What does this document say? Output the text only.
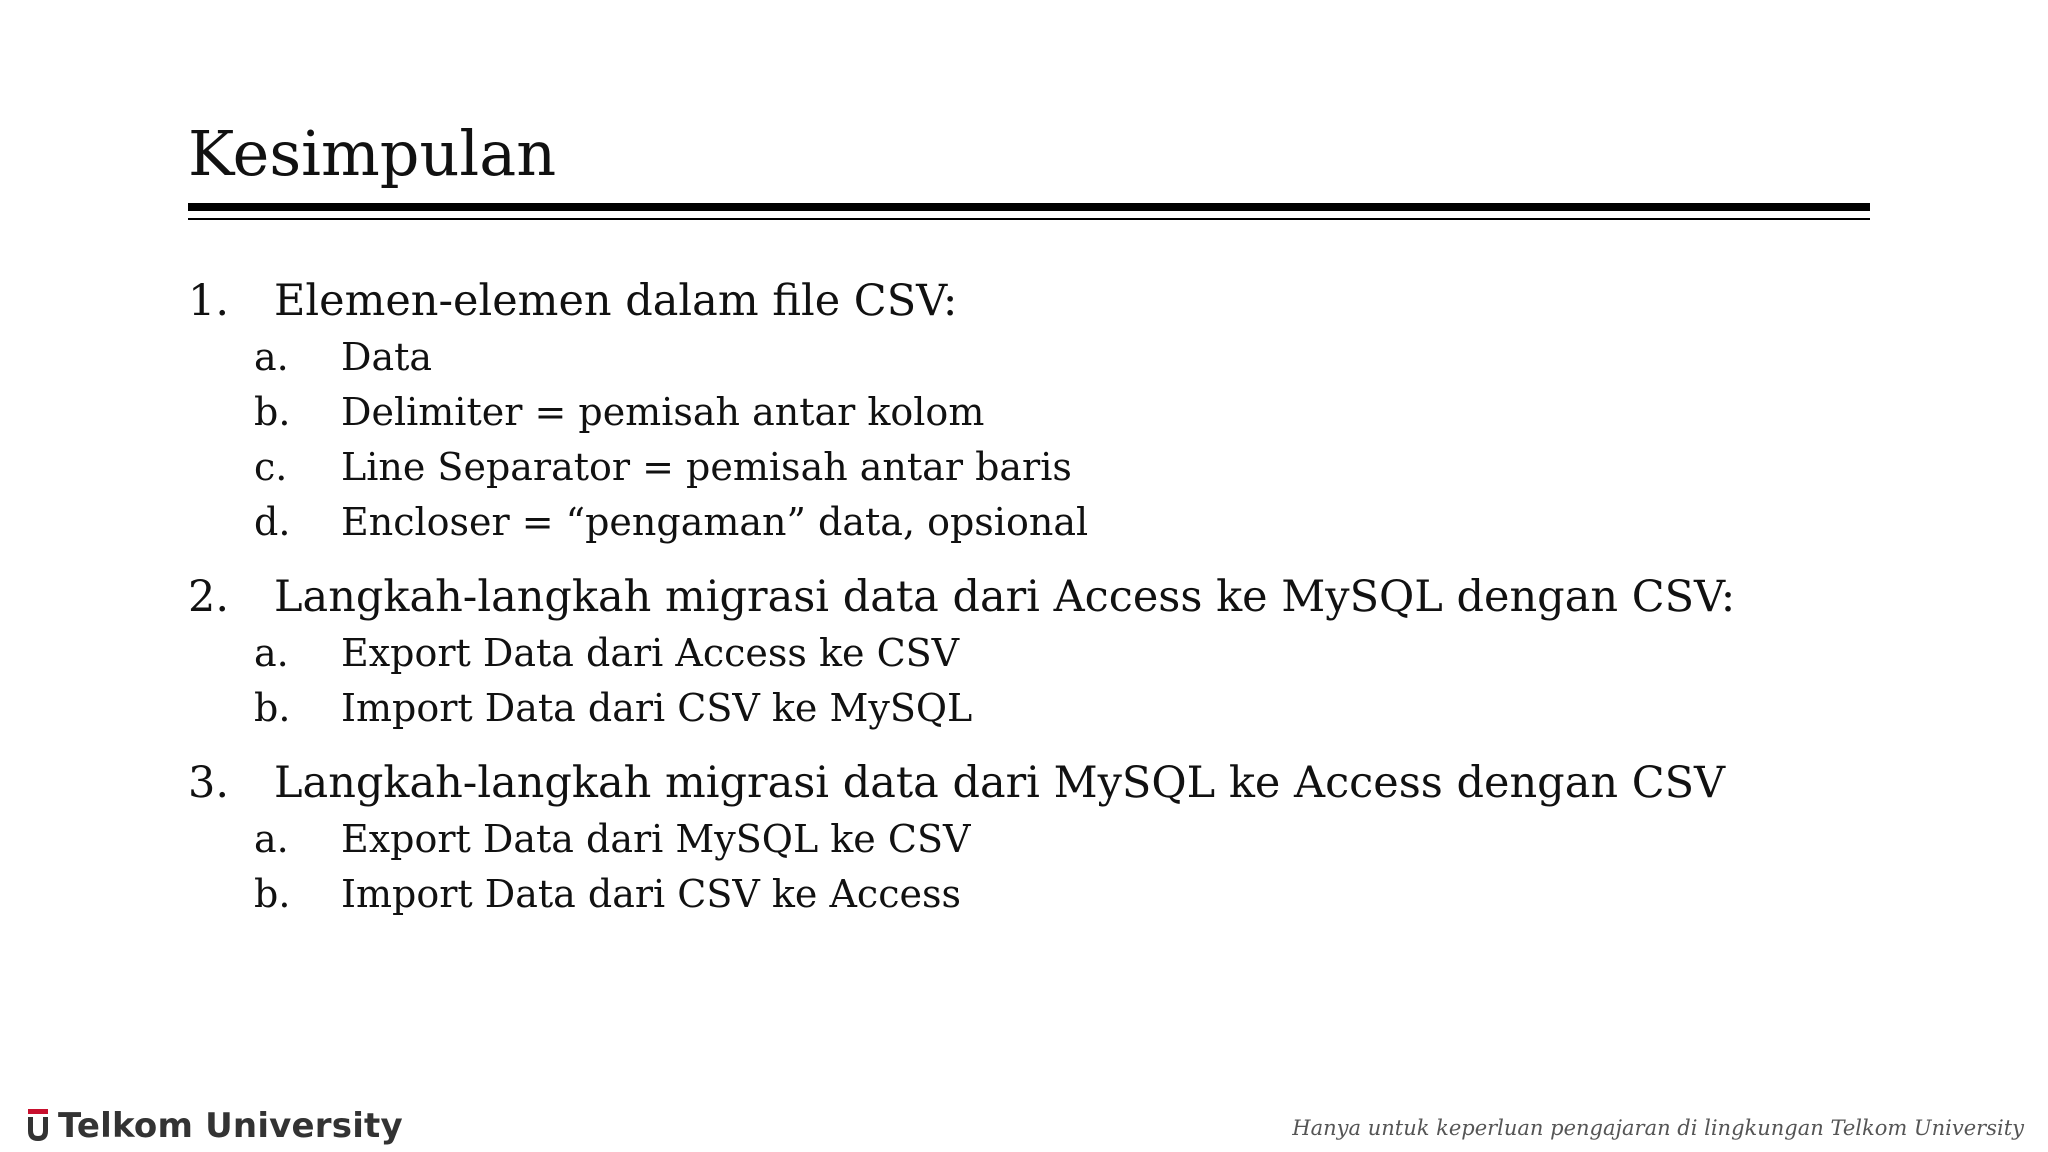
Kesimpulan
1.	Elemen-elemen dalam file CSV:
a.	Data
b.	Delimiter = pemisah antar kolom
c.	Line Separator = pemisah antar baris
d.	Encloser = “pengaman” data, opsional
2.	Langkah-langkah migrasi data dari Access ke MySQL dengan CSV:
a.	Export Data dari Access ke CSV
b.	Import Data dari CSV ke MySQL
3.	Langkah-langkah migrasi data dari MySQL ke Access dengan CSV
a.	Export Data dari MySQL ke CSV
b.	Import Data dari CSV ke Access
Telkom University	Hanya untuk keperluan pengajaran di lingkungan Telkom University
